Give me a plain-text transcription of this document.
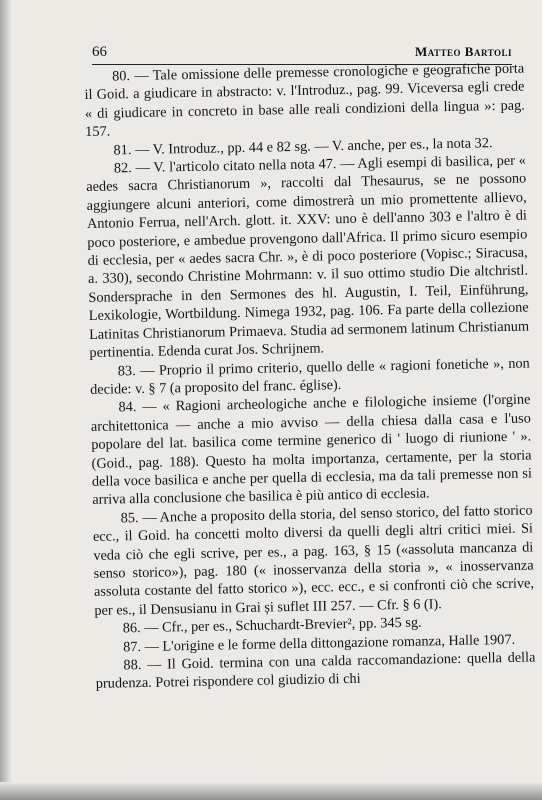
66	Matteo Bartoli

80. — Tale omissione delle premesse cronologiche e geografiche porta il Goid. a giudicare in abstracto: v. l'Introduz., pag. 99. Viceversa egli crede « di giudicare in concreto in base alle reali condizioni della lingua »: pag. 157.

81. — V. Introduz., pp. 44 e 82 sg. — V. anche, per es., la nota 32.

82. — V. l'articolo citato nella nota 47. — Agli esempi di basilica, per « aedes sacra Christianorum », raccolti dal Thesaurus, se ne possono aggiungere alcuni anteriori, come dimostrerà un mio promettente allievo, Antonio Ferrua, nell'Arch. glott. it. XXV: uno è dell'anno 303 e l'altro è di poco posteriore, e ambedue provengono dall'Africa. Il primo sicuro esempio di ecclesia, per « aedes sacra Chr. », è di poco posteriore (Vopisc.; Siracusa, a. 330), secondo Christine Mohrmann: v. il suo ottimo studio Die altchristl. Sondersprache in den Sermones des hl. Augustin, I. Teil, Einführung, Lexikologie, Wortbildung. Nimega 1932, pag. 106. Fa parte della collezione Latinitas Christianorum Primaeva. Studia ad sermonem latinum Christianum pertinentia. Edenda curat Jos. Schrijnem.

83. — Proprio il primo criterio, quello delle « ragioni fonetiche », non decide: v. § 7 (a proposito del franc. église).

84. — « Ragioni archeologiche anche e filologiche insieme (l'orgine architettonica — anche a mio avviso — della chiesa dalla casa e l'uso popolare del lat. basilica come termine generico di ' luogo di riunione ' ». (Goid., pag. 188). Questo ha molta importanza, certamente, per la storia della voce basilica e anche per quella di ecclesia, ma da tali premesse non si arriva alla conclusione che basilica è più antico di ecclesia.

85. — Anche a proposito della storia, del senso storico, del fatto storico ecc., il Goid. ha concetti molto diversi da quelli degli altri critici miei. Si veda ciò che egli scrive, per es., a pag. 163, § 15 («assoluta mancanza di senso storico»), pag. 180 (« inosservanza della storia », « inosservanza assoluta costante del fatto storico »), ecc. ecc., e si confronti ciò che scrive, per es., il Densusianu in Grai și suflet III 257. — Cfr. § 6 (I).

86. — Cfr., per es., Schuchardt-Brevier², pp. 345 sg.

87. — L'origine e le forme della dittongazione romanza, Halle 1907.

88. — Il Goid. termina con una calda raccomandazione: quella della prudenza. Potrei rispondere col giudizio di chi
